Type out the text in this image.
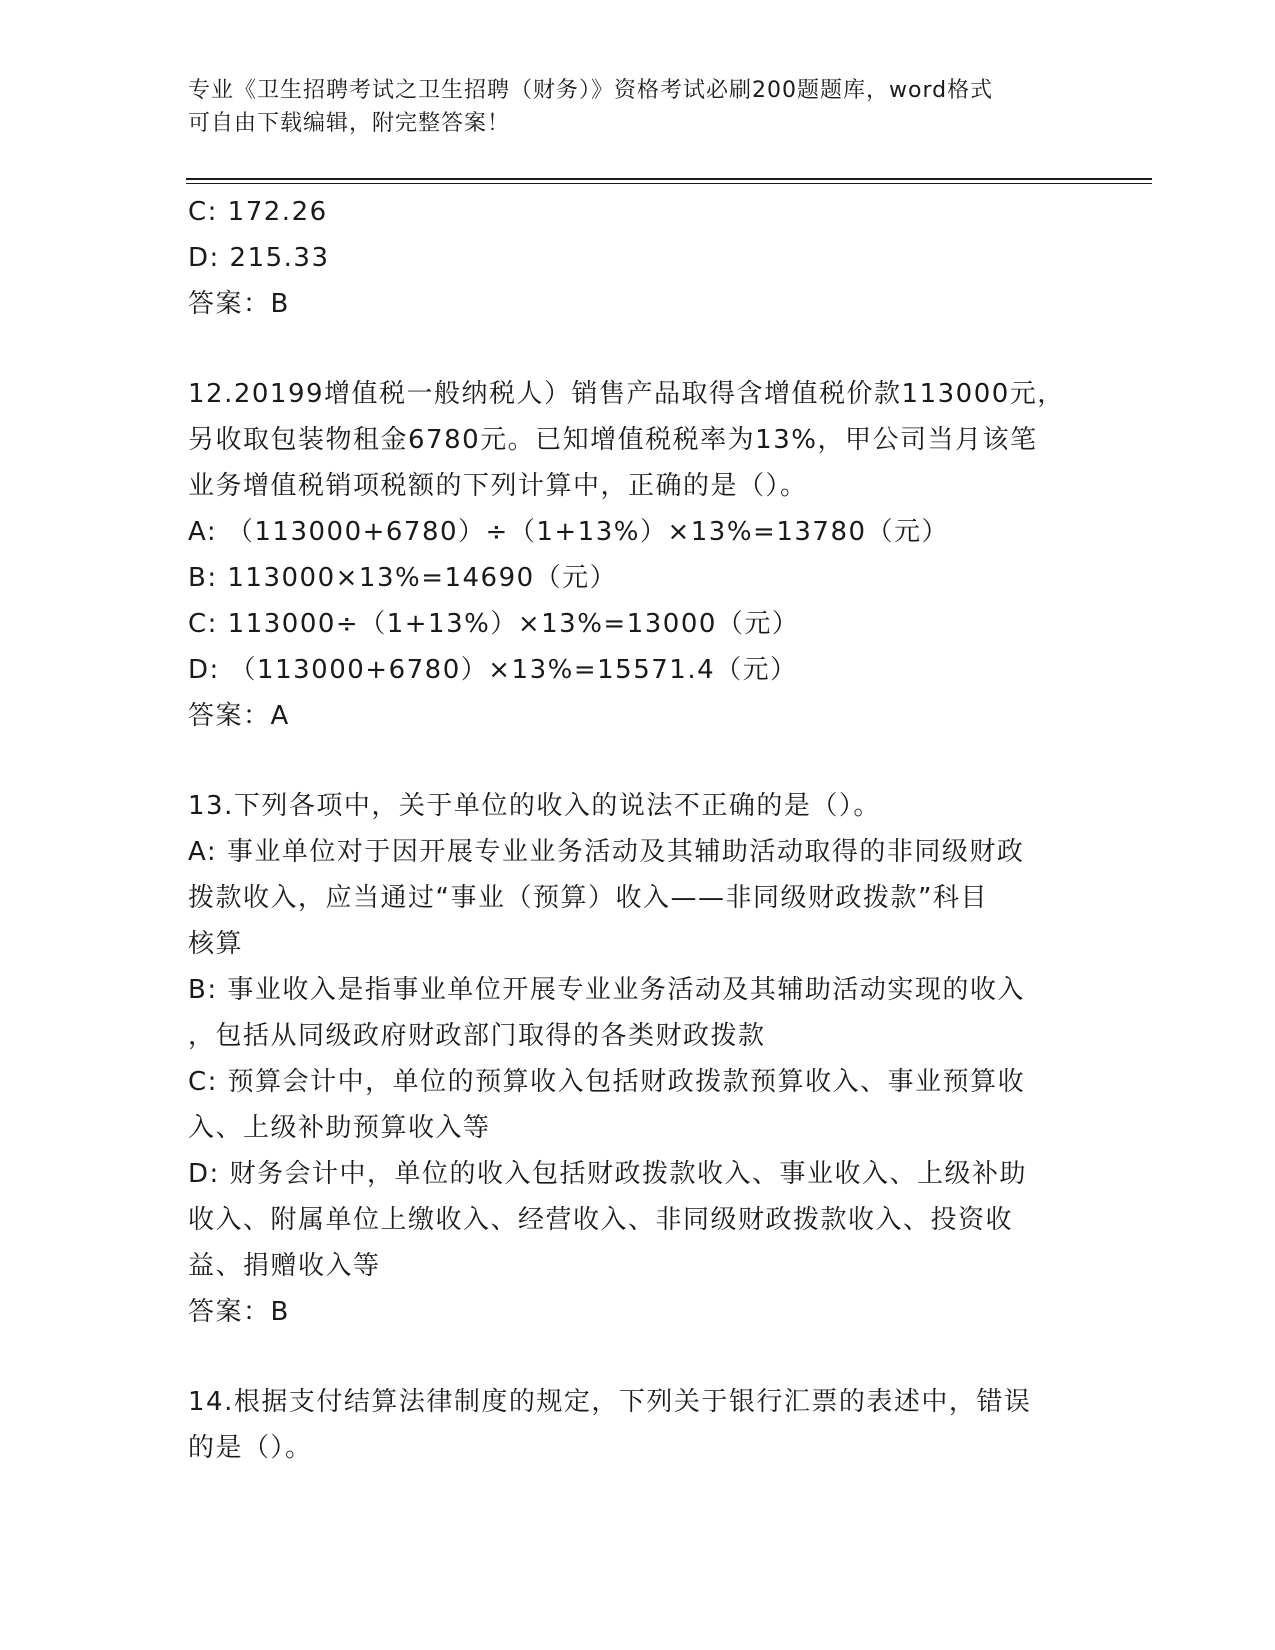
专业《卫生招聘考试之卫生招聘（财务）》资格考试必刷200题题库，word格式
可自由下载编辑，附完整答案！
C: 172.26
D: 215.33
答案：B
12.20199增值税一般纳税人）销售产品取得含增值税价款113000元，
另收取包装物租金6780元。已知增值税税率为13%，甲公司当月该笔
业务增值税销项税额的下列计算中，正确的是（）。
A: （113000+6780）÷（1+13%）×13%=13780（元）
B: 113000×13%=14690（元）
C: 113000÷（1+13%）×13%=13000（元）
D: （113000+6780）×13%=15571.4（元）
答案：A
13.下列各项中，关于单位的收入的说法不正确的是（）。
A: 事业单位对于因开展专业业务活动及其辅助活动取得的非同级财政
拨款收入，应当通过“事业（预算）收入——非同级财政拨款”科目
核算
B: 事业收入是指事业单位开展专业业务活动及其辅助活动实现的收入
，包括从同级政府财政部门取得的各类财政拨款
C: 预算会计中，单位的预算收入包括财政拨款预算收入、事业预算收
入、上级补助预算收入等
D: 财务会计中，单位的收入包括财政拨款收入、事业收入、上级补助
收入、附属单位上缴收入、经营收入、非同级财政拨款收入、投资收
益、捐赠收入等
答案：B
14.根据支付结算法律制度的规定，下列关于银行汇票的表述中，错误
的是（）。
